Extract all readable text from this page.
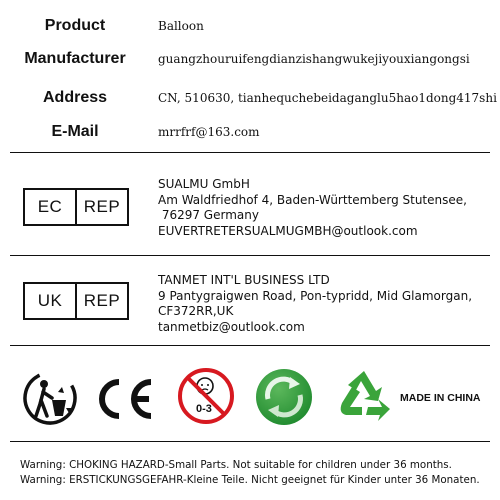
Product	Balloon
Manufacturer	guangzhouruifengdianzishangwukejiyouxiangongsi
Address	CN, 510630, tianhequchebeidaganglu5hao1dong417shi
E-Mail	mrrfrf@163.com
EC	REP
SUALMU GmbH
Am Waldfriedhof 4, Baden-Württemberg Stutensee,
76297 Germany
EUVERTRETERSUALMUGMBH@outlook.com
UK	REP
TANMET INT'L BUSINESS LTD
9 Pantygraigwen Road, Pon-typridd, Mid Glamorgan,
CF372RR,UK
tanmetbiz@outlook.com
0-3
MADE IN CHINA
Warning: CHOKING HAZARD-Small Parts. Not suitable for children under 36 months.
Warning: ERSTICKUNGSGEFAHR-Kleine Teile. Nicht geeignet für Kinder unter 36 Monaten.
